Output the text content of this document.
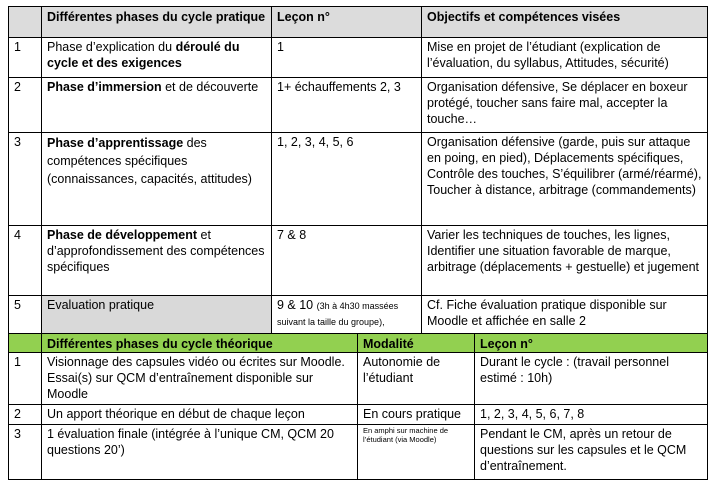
	Différentes phases du cycle pratique	Leçon n°	Objectifs et compétences visées
1	Phase d’explication du déroulé du cycle et des exigences	1	Mise en projet de l’étudiant (explication de l’évaluation, du syllabus, Attitudes, sécurité)
2	Phase d’immersion et de découverte	1+ échauffements 2, 3	Organisation défensive, Se déplacer en boxeur protégé, toucher sans faire mal, accepter la touche…
3	Phase d’apprentissage des compétences spécifiques (connaissances, capacités, attitudes)	1, 2, 3, 4, 5, 6	Organisation défensive (garde, puis sur attaque en poing, en pied), Déplacements spécifiques, Contrôle des touches, S’équilibrer (armé/réarmé), Toucher à distance, arbitrage (commandements)
4	Phase de développement et d’approfondissement des compétences spécifiques	7 & 8	Varier les techniques de touches, les lignes, Identifier une situation favorable de marque, arbitrage (déplacements + gestuelle) et jugement
5	Evaluation pratique	9 & 10 (3h à 4h30 massées suivant la taille du groupe),	Cf. Fiche évaluation pratique disponible sur Moodle et affichée en salle 2
	Différentes phases du cycle théorique	Modalité	Leçon n°
1	Visionnage des capsules vidéo ou écrites sur Moodle. Essai(s) sur QCM d’entraînement disponible sur Moodle	Autonomie de l’étudiant	Durant le cycle : (travail personnel estimé : 10h)
2	Un apport théorique en début de chaque leçon	En cours pratique	1, 2, 3, 4, 5, 6, 7, 8
3	1 évaluation finale (intégrée à l’unique CM, QCM 20 questions 20’)	En amphi sur machine de l’étudiant (via Moodle)	Pendant le CM, après un retour de questions sur les capsules et le QCM d’entraînement.
